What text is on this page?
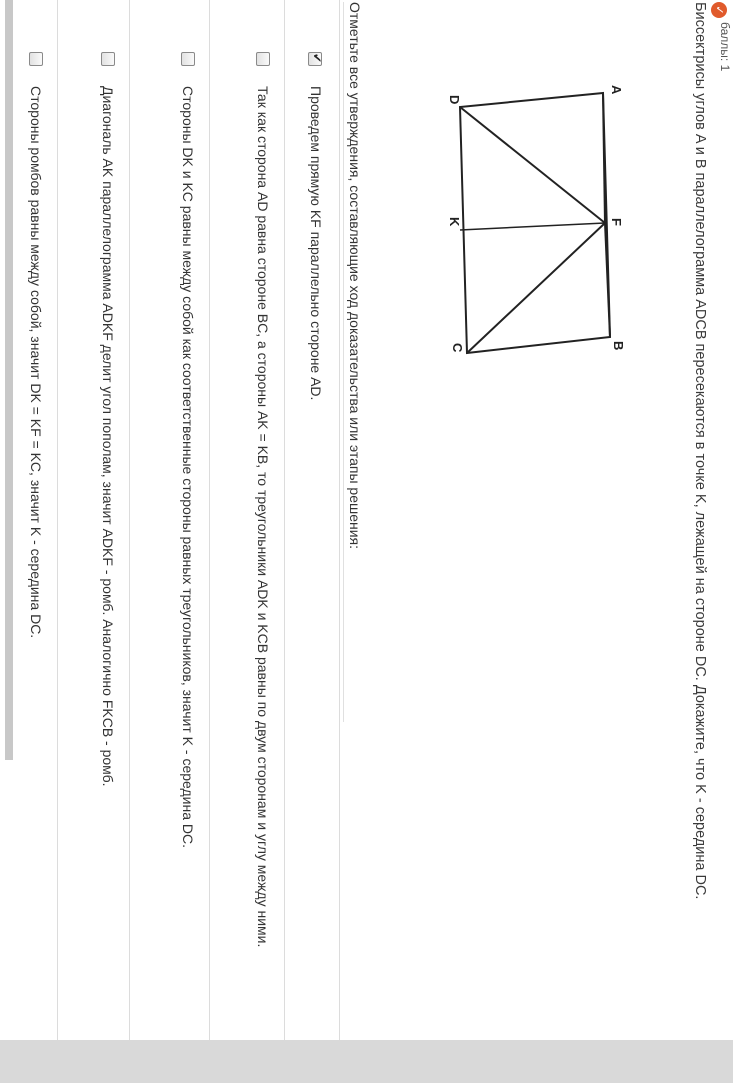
✓
баллы: 1
Биссектрисы углов A и B параллелограмма ADCB пересекаются в точке K, лежащей на стороне DC. Докажите, что K - середина DC.
D
K
C
A
F
B
Отметьте все утверждения, составляющие ход доказательства или этапы решения:
✔
Проведем прямую KF параллельно стороне AD.
Так как сторона AD равна стороне BC, а стороны AK = KB, то треугольники ADK и KCB равны по двум сторонам и углу между ними.
Стороны DK и KC равны между собой как соответственные стороны равных треугольников, значит K - середина DC.
Диагональ AK параллелограмма ADKF делит угол пополам, значит ADKF - ромб. Аналогично FKCB - ромб.
Стороны ромбов равны между собой, значит DK = KF = KC, значит K - середина DC.
